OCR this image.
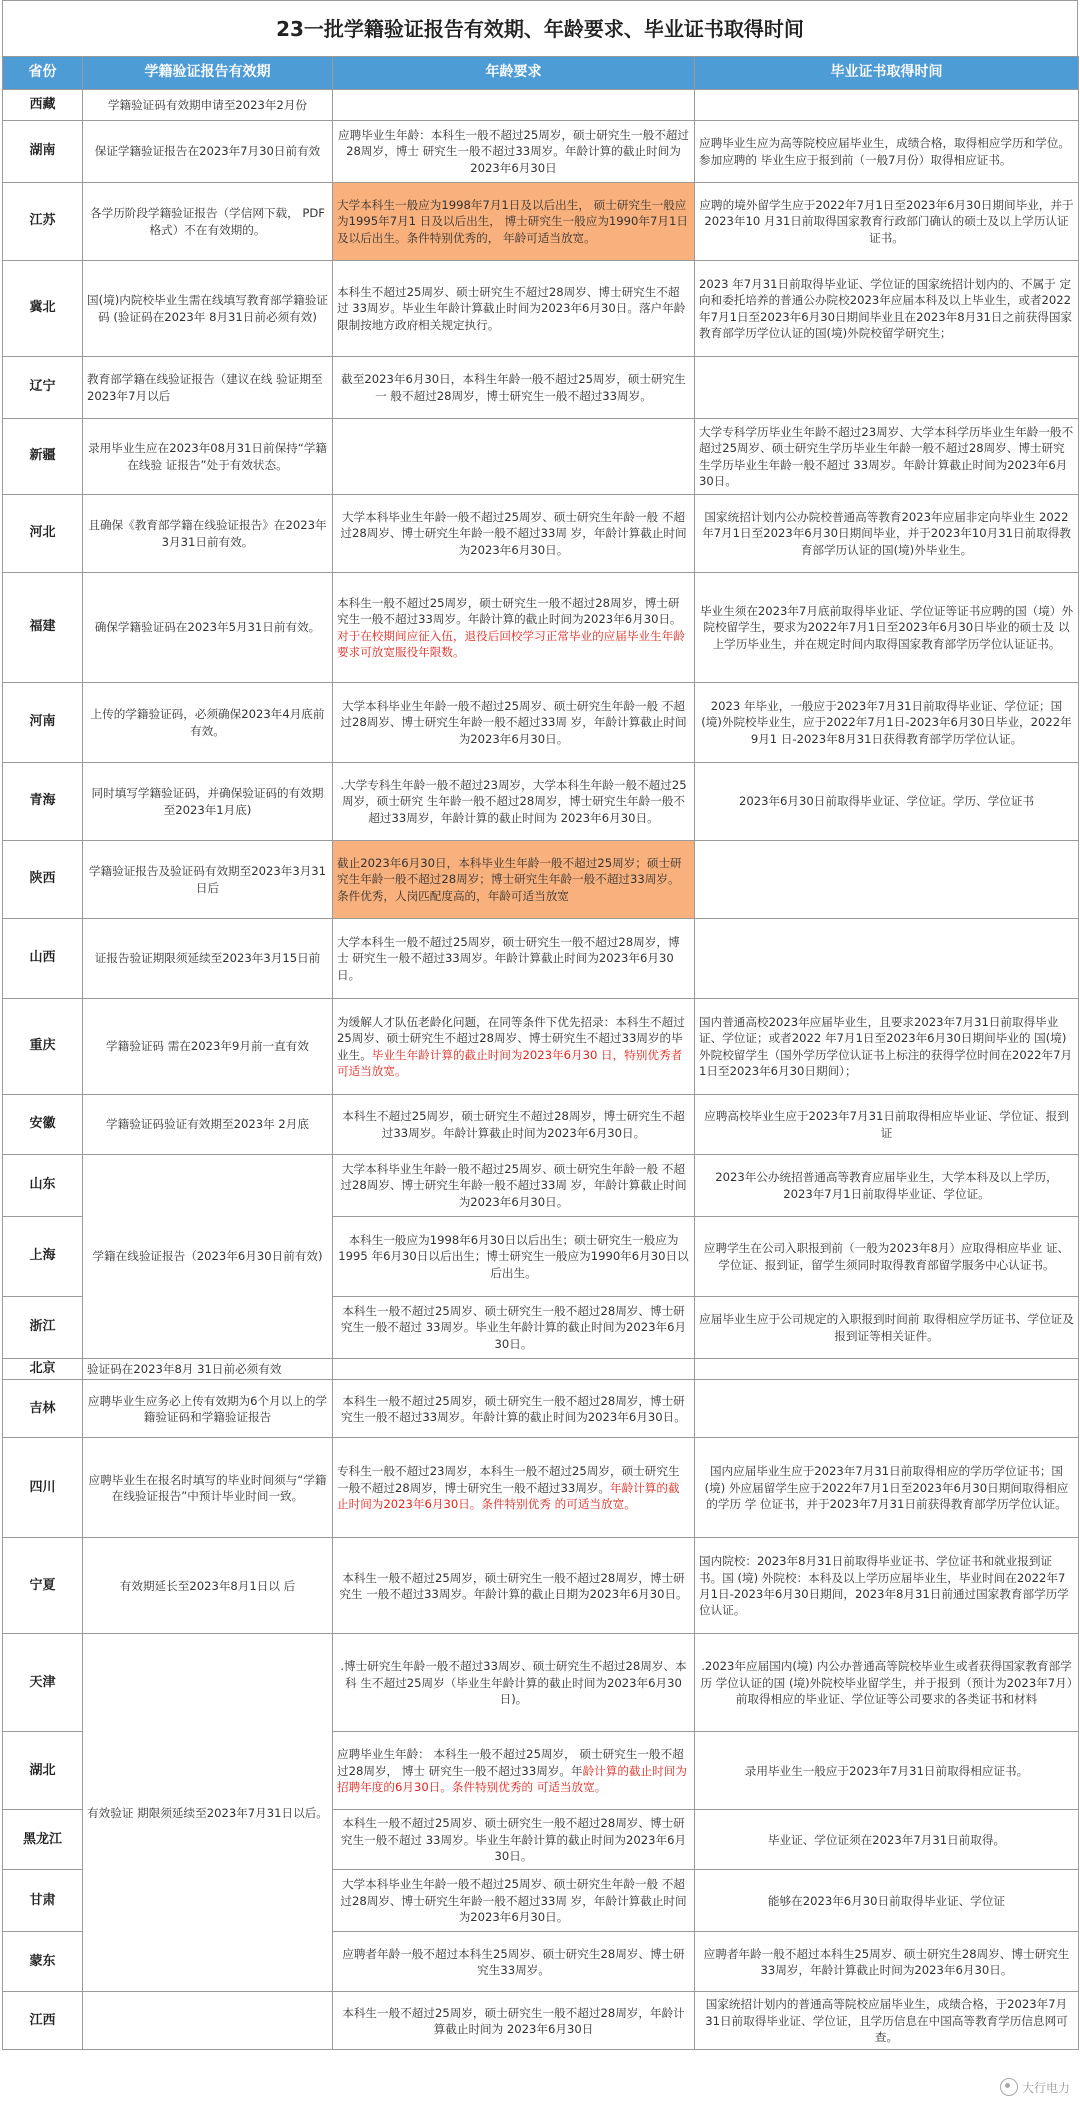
23一批学籍验证报告有效期、年龄要求、毕业证书取得时间
省份	学籍验证报告有效期	年龄要求	毕业证书取得时间
西藏	学籍验证码有效期申请至2023年2月份		
湖南	保证学籍验证报告在2023年7月30日前有效	应聘毕业生年龄：本科生一般不超过25周岁，硕士研究生一般不超过28周岁，博士 研究生一般不超过33周岁。年龄计算的截止时间为2023年6月30日	应聘毕业生应为高等院校应届毕业生，成绩合格，取得相应学历和学位。参加应聘的 毕业生应于报到前（一般7月份）取得相应证书。
江苏	各学历阶段学籍验证报告（学信网下载， PDF格式）不在有效期的。	大学本科生一般应为1998年7月1日及以后出生， 硕士研究生一般应为1995年7月1 日及以后出生， 博士研究生一般应为1990年7月1日及以后出生。条件特别优秀的， 年龄可适当放宽。	应聘的境外留学生应于2022年7月1日至2023年6月30日期间毕业，并于2023年10 月31日前取得国家教育行政部门确认的硕士及以上学历认证证书。
冀北	国(境)内院校毕业生需在线填写教育部学籍验证码 (验证码在2023年 8月31日前必须有效)	本科生不超过25周岁、硕士研究生不超过28周岁、博士研究生不超过 33周岁。毕业生年龄计算截止时间为2023年6月30日。落户年龄限制按地方政府相关规定执行。	2023 年7月31日前取得毕业证、学位证的国家统招计划内的、不属于 定向和委托培养的普通公办院校2023年应届本科及以上毕业生，或者2022 年7月1日至2023年6月30日期间毕业且在2023年8月31日之前获得国家教育部学历学位认证的国(境)外院校留学研究生；
辽宁	教育部学籍在线验证报告（建议在线 验证期至2023年7月以后	截至2023年6月30日，本科生年龄一般不超过25周岁，硕士研究生一 般不超过28周岁，博士研究生一般不超过33周岁。	
新疆	录用毕业生应在2023年08月31日前保持“学籍在线验 证报告”处于有效状态。		大学专科学历毕业生年龄不超过23周岁、大学本科学历毕业生年龄一般不超过25周岁、硕士研究生学历毕业生年龄一般不超过28周岁、博士研究生学历毕业生年龄一般不超过 33周岁。年龄计算截止时间为2023年6月30日。
河北	且确保《教育部学籍在线验证报告》在2023年3月31日前有效。	大学本科毕业生年龄一般不超过25周岁、硕士研究生年龄一般 不超过28周岁、博士研究生年龄一般不超过33周 岁，年龄计算截止时间为2023年6月30日。	国家统招计划内公办院校普通高等教育2023年应届非定向毕业生 2022年7月1日至2023年6月30日期间毕业，并于2023年10月31日前取得教育部学历认证的国(境)外毕业生。
福建	确保学籍验证码在2023年5月31日前有效。	本科生一般不超过25周岁，硕士研究生一般不超过28周岁，博士研究生一般不超过33周岁。年龄计算的截止时间为2023年6月30日。对于在校期间应征入伍，退役后回校学习正常毕业的应届毕业生年龄要求可放宽服役年限数。	毕业生须在2023年7月底前取得毕业证、学位证等证书应聘的国（境）外院校留学生，要求为2022年7月1日至2023年6月30日毕业的硕士及 以上学历毕业生，并在规定时间内取得国家教育部学历学位认证证书。
河南	上传的学籍验证码，必须确保2023年4月底前有效。	大学本科毕业生年龄一般不超过25周岁、硕士研究生年龄一般 不超过28周岁、博士研究生年龄一般不超过33周 岁，年龄计算截止时间为2023年6月30日。	2023 年毕业，一般应于2023年7月31日前取得毕业证、学位证；国 (境)外院校毕业生，应于2022年7月1日-2023年6月30日毕业，2022年9月1 日-2023年8月31日获得教育部学历学位认证。
青海	同时填写学籍验证码，并确保验证码的有效期至2023年1月底)	.大学专科生年龄一般不超过23周岁，大学本科生年龄一般不超过25周岁，硕士研究 生年龄一般不超过28周岁，博士研究生年龄一般不超过33周岁，年龄计算的截止时间为 2023年6月30日。	2023年6月30日前取得毕业证、学位证。学历、学位证书
陕西	学籍验证报告及验证码有效期至2023年3月31日后	截止2023年6月30日，本科毕业生年龄一般不超过25周岁；硕士研究生年龄一般不超过28周岁；博士研究生年龄一般不超过33周岁。条件优秀，人岗匹配度高的，年龄可适当放宽	
山西	证报告验证期限须延续至2023年3月15日前	大学本科生一般不超过25周岁，硕士研究生一般不超过28周岁，博士 研究生一般不超过33周岁。年龄计算截止时间为2023年6月30日。	
重庆	学籍验证码 需在2023年9月前一直有效	为缓解人才队伍老龄化问题，在同等条件下优先招录：本科生不超过25周岁、硕士研究生不超过28周岁、博士研究生不超过33周岁的毕业生。毕业生年龄计算的截止时间为2023年6月30 日，特别优秀者可适当放宽。	国内普通高校2023年应届毕业生，且要求2023年7月31日前取得毕业证、学位证；或者2022 年7月1日至2023年6月30日期间毕业的 国(境)外院校留学生（国外学历学位认证书上标注的获得学位时间在2022年7月1日至2023年6月30日期间）；
安徽	学籍验证码验证有效期至2023年 2月底	本科生不超过25周岁，硕士研究生不超过28周岁，博士研究生不超过33周岁。年龄计算截止时间为2023年6月30日。	应聘高校毕业生应于2023年7月31日前取得相应毕业证、学位证、报到证
山东	学籍在线验证报告（2023年6月30日前有效)	大学本科毕业生年龄一般不超过25周岁、硕士研究生年龄一般 不超过28周岁、博士研究生年龄一般不超过33周 岁，年龄计算截止时间为2023年6月30日。	2023年公办统招普通高等教育应届毕业生，大学本科及以上学历， 2023年7月1日前取得毕业证、学位证。
上海		本科生一般应为1998年6月30日以后出生；硕士研究生一般应为1995 年6月30日以后出生；博士研究生一般应为1990年6月30日以后出生。	应聘学生在公司入职报到前（一般为2023年8月）应取得相应毕业 证、学位证、报到证，留学生须同时取得教育部留学服务中心认证书。
浙江		本科生一般不超过25周岁、硕士研究生一般不超过28周岁、博士研究生一般不超过 33周岁。毕业生年龄计算的截止时间为2023年6月30日。	应届毕业生应于公司规定的入职报到时间前 取得相应学历证书、学位证及报到证等相关证件。
北京	验证码在2023年8月 31日前必须有效		
吉林	应聘毕业生应务必上传有效期为6个月以上的学籍验证码和学籍验证报告	本科生一般不超过25周岁，硕士研究生一般不超过28周岁，博士研究生一般不超过33周岁。年龄计算的截止时间为2023年6月30日。	
四川	应聘毕业生在报名时填写的毕业时间须与“学籍在线验证报告”中预计毕业时间一致。	专科生一般不超过23周岁，本科生一般不超过25周岁，硕士研究生一般不超过28周岁，博士研究生一般不超过33周岁。年龄计算的截止时间为2023年6月30日。条件特别优秀 的可适当放宽。	国内应届毕业生应于2023年7月31日前取得相应的学历学位证书；国 (境) 外应届留学生应于2022年7月1日至2023年6月30日期间取得相应的学历 学 位证书，并于2023年7月31日前获得教育部学历学位认证。
宁夏	有效期延长至2023年8月1日以 后	本科生一般不超过25周岁，硕士研究生一般不超过28周岁，博士研究生 一般不超过33周岁。年龄计算的截止日期为2023年6月30日。	国内院校：2023年8月31日前取得毕业证书、学位证书和就业报到证书。国 (境) 外院校：本科及以上学历应届毕业生，毕业时间在2022年7月1日-2023年6月30日期间，2023年8月31日前通过国家教育部学历学位认证。
天津	有效验证 期限须延续至2023年7月31日以后。	.博士研究生年龄一般不超过33周岁、硕士研究生不超过28周岁、本科 生不超过25周岁（毕业生年龄计算的截止时间为2023年6月30日)。	.2023年应届国内(境) 内公办普通高等院校毕业生或者获得国家教育部学历 学位认证的国 (境)外院校毕业留学生，并于报到（预计为2023年7月）前取得相应的毕业证、学位证等公司要求的各类证书和材料
湖北		应聘毕业生年龄： 本科生一般不超过25周岁， 硕士研究生一般不超过28周岁， 博士 研究生一般不超过33周岁。年龄计算的截止时间为招聘年度的6月30日。条件特别优秀的 可适当放宽。	录用毕业生一般应于2023年7月31日前取得相应证书。
黑龙江		本科生一般不超过25周岁、硕士研究生一般不超过28周岁、博士研究生一般不超过 33周岁。毕业生年龄计算的截止时间为2023年6月30日。	毕业证、学位证须在2023年7月31日前取得。
甘肃		大学本科毕业生年龄一般不超过25周岁、硕士研究生年龄一般 不超过28周岁、博士研究生年龄一般不超过33周 岁，年龄计算截止时间为2023年6月30日。	能够在2023年6月30日前取得毕业证、学位证
蒙东		应聘者年龄一般不超过本科生25周岁、硕士研究生28周岁、博士研究生33周岁。	应聘者年龄一般不超过本科生25周岁、硕士研究生28周岁、博士研究生33周岁，年龄计算截止时间为2023年6月30日。
江西		本科生一般不超过25周岁，硕士研究生一般不超过28周岁，年龄计算截止时间为 2023年6月30日	国家统招计划内的普通高等院校应届毕业生，成绩合格，于2023年7月31日前取得毕业证、学位证，且学历信息在中国高等教育学历信息网可查。
大行电力
